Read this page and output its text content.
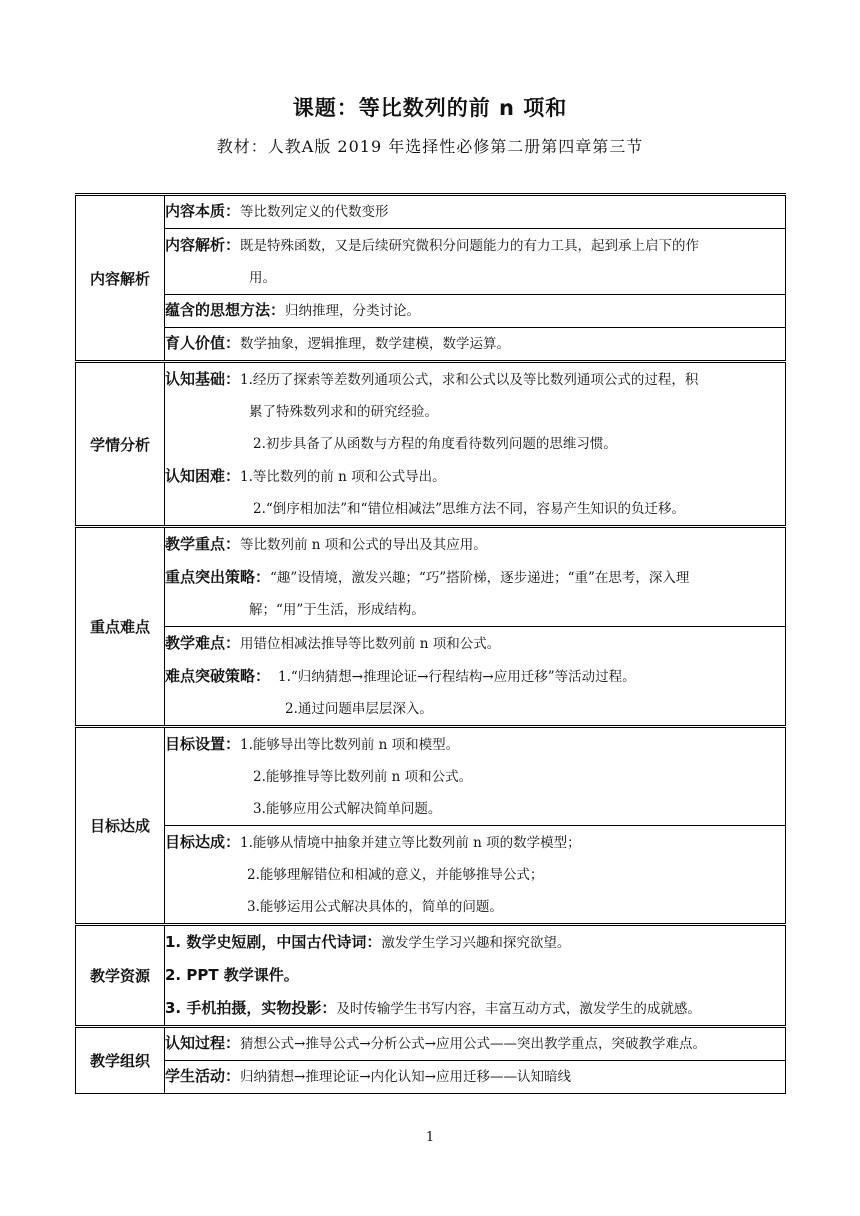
课题：等比数列的前 n 项和
教材：人教A版 2019 年选择性必修第二册第四章第三节
内容解析	内容本质：等比数列定义的代数变形

	内容解析：既是特殊函数，又是后续研究微积分问题能力的有力工具，起到承上启下的作
用。

	蕴含的思想方法：归纳推理，分类讨论。
	育人价值：数学抽象，逻辑推理，数学建模，数学运算。
学情分析	认知基础：1.经历了探索等差数列通项公式，求和公式以及等比数列通项公式的过程，积
累了特殊数列求和的研究经验。
2.初步具备了从函数与方程的角度看待数列问题的思维习惯。
认知困难：1.等比数列的前 n 项和公式导出。
2.“倒序相加法”和“错位相减法”思维方法不同，容易产生知识的负迁移。

重点难点	教学重点：等比数列前 n 项和公式的导出及其应用。
重点突出策略：“趣”设情境，激发兴趣；“巧”搭阶梯，逐步递进；“重”在思考，深入理
解；“用”于生活，形成结构。

	教学难点：用错位相减法推导等比数列前 n 项和公式。
难点突破策略： 1.“归纳猜想→推理论证→行程结构→应用迁移”等活动过程。
2.通过问题串层层深入。

目标达成	目标设置：1.能够导出等比数列前 n 项和模型。
2.能够推导等比数列前 n 项和公式。
3.能够应用公式解决简单问题。

	目标达成：1.能够从情境中抽象并建立等比数列前 n 项的数学模型；
2.能够理解错位和相减的意义，并能够推导公式；
3.能够运用公式解决具体的，简单的问题。

教学资源	1. 数学史短剧，中国古代诗词：激发学生学习兴趣和探究欲望。
2. PPT 教学课件。
3. 手机拍摄，实物投影：及时传输学生书写内容，丰富互动方式，激发学生的成就感。

教学组织	认知过程：猜想公式→推导公式→分析公式→应用公式——突出教学重点，突破教学难点。
	学生活动：归纳猜想→推理论证→内化认知→应用迁移——认知暗线
1
